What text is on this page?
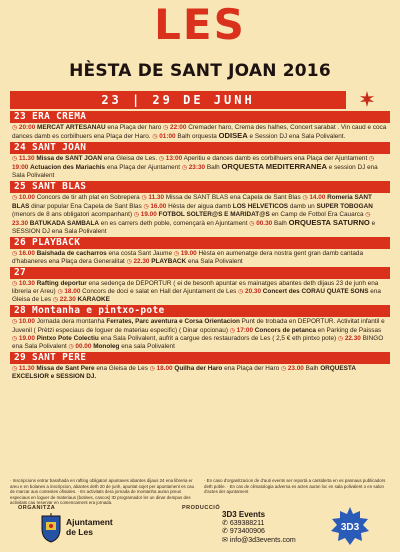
LES
HÈSTA DE SANT JOAN 2016
23 | 29 DE JUNH
23 ERA CREMA
◷ 20:00 MERCAT ARTESANAU ena Plaça der haro ◷ 22:00 Cremader haro, Crema des halhes, Concert sarabat . Vin caud e coca dances damb es corbilhuers ena Plaça der Haro. ◷ 01:00 Balh orquesta ODISEA e Session DJ ena Sala Polivalent.
24 SANT JOAN
◷ 11.30 Missa de SANT JOAN ena Gleisa de Les. ◷ 13:00 Aperitiu e dances damb es corbilhuers ena Plaça der Ajuntament ◷ 19:00 Actuacion des Mariachis ena Plaça der Ajuntament ◷ 23:30 Balh ORQUESTA MEDITERRANEA e session DJ ena Sala Polivalent
25 SANT BLAS
◷ 10.00 Concors de tir ath plat en Sobrepera ◷ 11.30 Missa de SANT BLAS ena Capela de Sant Blas ◷ 14.00 Romeria SANT BLAS dinar popular Ena Capela de Sant Blas ◷ 16.00 Hèsta der aigua damb LOS HELVETICOS damb un SUPER TOBOGAN (menors de 8 ans obligatori acompanhant) ◷ 19.00 FOTBOL SOLTER@S E MARIDAT@S en Camp de Fotbol Era Cauarca ◷ 23.30 BATUKADA SAMBALA en es carrers deth poble, començarà en Ajuntament ◷ 00.30 Balh ORQUESTA SATURNO e SESSION DJ ena Sala Polivalent
26 PLAYBACK
◷ 16.00 Baishada de cacharros ena costa Sant Jaume ◷ 19.00 Hèsta en aumenatge dera nostra gent gran damb cantada d'habaneres ena Plaça dera Generalitat ◷ 22.30 PLAYBACK ena Sala Polivalent
27
◷ 10.30 Rafting deportur ena sedença de DEPORTUR ( ei de besonh apuntar es mainatges abantes deth dijaus 23 de junh ena libreria er Areu) ◷ 18.00 Concors de doci e salat en Hall der Ajuntament de Les ◷ 20.30 Concert des CORAU QUATE SONS ena Gleisa de Les ◷ 22.30 KARAOKE
28 Montanha e pintxo-pote
◷ 10.00 Jornada dera montanha Ferrates, Parc aventura e Corsa Orientacion Punt de trobada en DEPORTUR. Activitat infantil e Juvenil ( Prètzi especiaus de loguer de materiau especific) ( Dinar opcionau) ◷ 17:00 Concors de petanca en Parking de Paissas ◷ 19.00 Pintxo Pote Colectiu ena Sala Polivalent, aufrit a cargue des restauradors de Les ( 2,5 € eth pintxo pote) ◷ 22.30 BINGO ena Sala Polivalent ◷ 00.00 Monoleg ena sala Polivalent
29 SANT PERE
◷ 11.30 Missa de Sant Pere ena Gleisa de Les ◷ 18.00 Quilha der Haro ena Plaça der Haro ◷ 23.00 Balh ORQUESTA EXCELSIOR e SESSION DJ.
· Inscripcions entrar basshada en rafting obligatori apuntaves abantes dijaus 24 ena libreria er areu e en bolanes a inscripcion, abantes deth 20 de junh, apuntat sojet per apuntament es cau de marcar aus contestes ofisiales. · Es activitats dera jornada de montanha auran preus especiaus en loguer de materiaus (botines, cascos) ID programador ler un dinar dempus des activitats cau reservar en comencament era jornada.
· En caso d'organitzacion de d'auti events ser reportà a cantiderta en es pannaus publicadors deth poble. · En cas de climatologia adversa es actes auran loc en sala polivalent o en salon d'actes der ajuntament
ORGANITZA	PRODUCCIÓ
Ajuntament
de Les
3D3 Events
✆ 639388211
✆ 973400906
✉ info@3d3events.com
3D3
